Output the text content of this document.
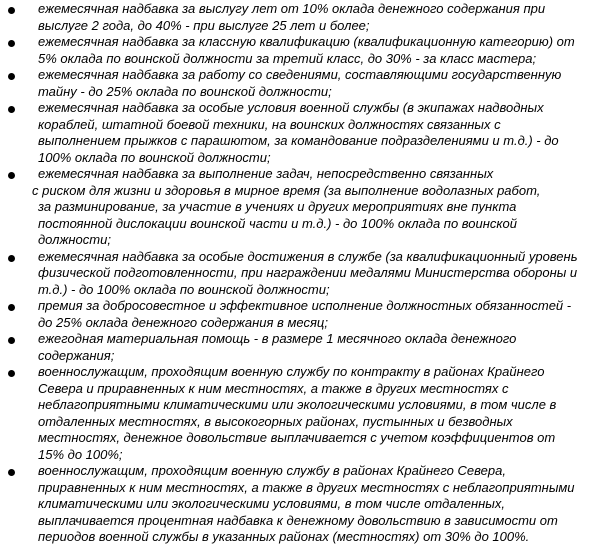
ежемесячная надбавка за выслугу лет от 10% оклада денежного содержания при
выслуге 2 года, до 40% - при выслуге 25 лет и более;
ежемесячная надбавка за классную квалификацию (квалификационную категорию) от
5% оклада по воинской должности за третий класс, до 30% - за класс мастера;
ежемесячная надбавка за работу со сведениями, составляющими государственную
тайну - до 25% оклада по воинской должности;
ежемесячная надбавка за особые условия военной службы (в экипажах надводных
кораблей, штатной боевой техники, на воинских должностях связанных с
выполнением прыжков с парашютом, за командование подразделениями и т.д.) - до
100% оклада по воинской должности;
ежемесячная надбавка за выполнение задач, непосредственно связанных
с риском для жизни и здоровья в мирное время (за выполнение водолазных работ,
за разминирование, за участие в учениях и других мероприятиях вне пункта
постоянной дислокации воинской части и т.д.) - до 100% оклада по воинской
должности;
ежемесячная надбавка за особые достижения в службе (за квалификационный уровень
физической подготовленности, при награждении медалями Министерства обороны и
т.д.) - до 100% оклада по воинской должности;
премия за добросовестное и эффективное исполнение должностных обязанностей -
до 25% оклада денежного содержания в месяц;
ежегодная материальная помощь - в размере 1 месячного оклада денежного
содержания;
военнослужащим, проходящим военную службу по контракту в районах Крайнего
Севера и приравненных к ним местностях, а также в других местностях с
неблагоприятными климатическими или экологическими условиями, в том числе в
отдаленных местностях, в высокогорных районах, пустынных и безводных
местностях, денежное довольствие выплачивается с учетом коэффициентов от
15% до 100%;
военнослужащим, проходящим военную службу в районах Крайнего Севера,
приравненных к ним местностях, а также в других местностях с неблагоприятными
климатическими или экологическими условиями, в том числе отдаленных,
выплачивается процентная надбавка к денежному довольствию в зависимости от
периодов военной службы в указанных районах (местностях) от 30% до 100%.
